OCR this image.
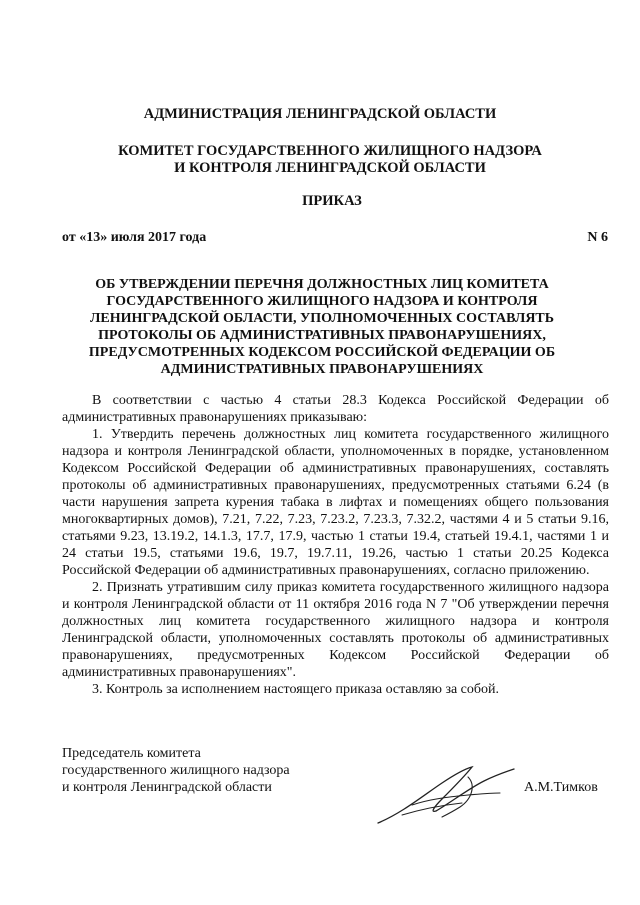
АДМИНИСТРАЦИЯ ЛЕНИНГРАДСКОЙ ОБЛАСТИ
КОМИТЕТ ГОСУДАРСТВЕННОГО ЖИЛИЩНОГО НАДЗОРА
И КОНТРОЛЯ ЛЕНИНГРАДСКОЙ ОБЛАСТИ
ПРИКАЗ
от «13» июля 2017 года	N 6
ОБ УТВЕРЖДЕНИИ ПЕРЕЧНЯ ДОЛЖНОСТНЫХ ЛИЦ КОМИТЕТА ГОСУДАРСТВЕННОГО ЖИЛИЩНОГО НАДЗОРА И КОНТРОЛЯ ЛЕНИНГРАДСКОЙ ОБЛАСТИ, УПОЛНОМОЧЕННЫХ СОСТАВЛЯТЬ ПРОТОКОЛЫ ОБ АДМИНИСТРАТИВНЫХ ПРАВОНАРУШЕНИЯХ, ПРЕДУСМОТРЕННЫХ КОДЕКСОМ РОССИЙСКОЙ ФЕДЕРАЦИИ ОБ АДМИНИСТРАТИВНЫХ ПРАВОНАРУШЕНИЯХ

В соответствии с частью 4 статьи 28.3 Кодекса Российской Федерации об административных правонарушениях приказываю:

1. Утвердить перечень должностных лиц комитета государственного жилищного надзора и контроля Ленинградской области, уполномоченных в порядке, установленном Кодексом Российской Федерации об административных правонарушениях, составлять протоколы об административных правонарушениях, предусмотренных статьями 6.24 (в части нарушения запрета курения табака в лифтах и помещениях общего пользования многоквартирных домов), 7.21, 7.22, 7.23, 7.23.2, 7.23.3, 7.32.2, частями 4 и 5 статьи 9.16, статьями 9.23, 13.19.2, 14.1.3, 17.7, 17.9, частью 1 статьи 19.4, статьей 19.4.1, частями 1 и 24 статьи 19.5, статьями 19.6, 19.7, 19.7.11, 19.26, частью 1 статьи 20.25 Кодекса Российской Федерации об административных правонарушениях, согласно приложению.

2. Признать утратившим силу приказ комитета государственного жилищного надзора и контроля Ленинградской области от 11 октября 2016 года N 7 "Об утверждении перечня должностных лиц комитета государственного жилищного надзора и контроля Ленинградской области, уполномоченных составлять протоколы об административных правонарушениях, предусмотренных Кодексом Российской Федерации об административных правонарушениях".

3. Контроль за исполнением настоящего приказа оставляю за собой.

Председатель комитета
государственного жилищного надзора
и контроля Ленинградской области	А.М.Тимков
